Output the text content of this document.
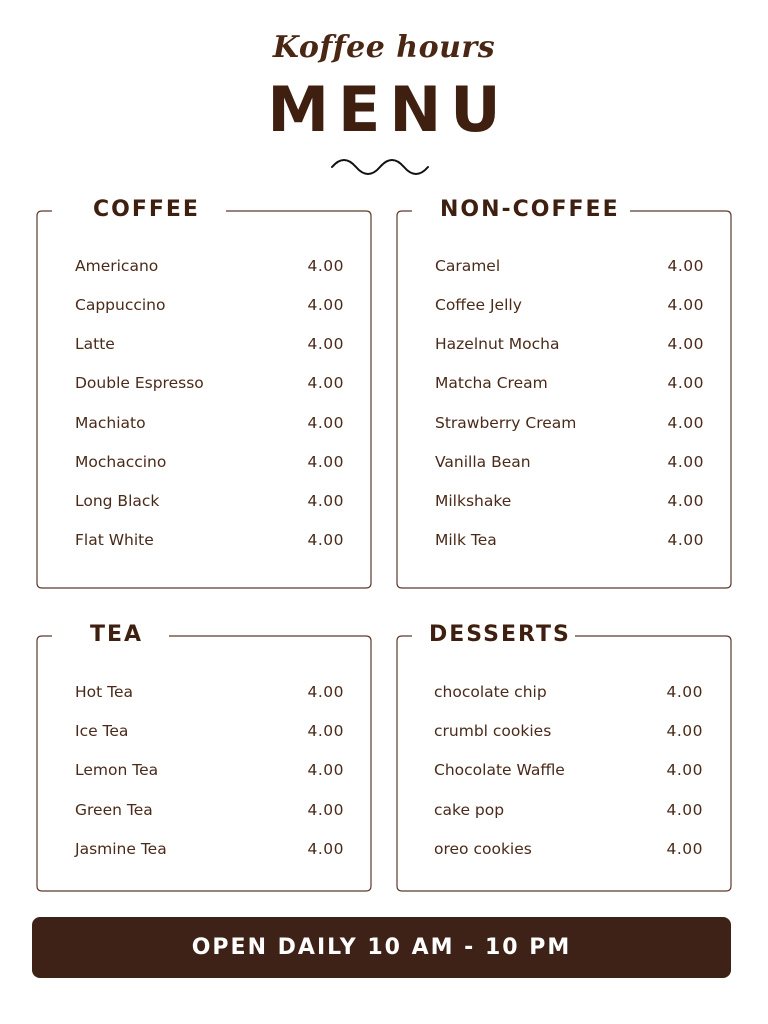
Koffee hours
MENU
COFFEE
Americano	4.00
Cappuccino	4.00
Latte	4.00
Double Espresso	4.00
Machiato	4.00
Mochaccino	4.00
Long Black	4.00
Flat White	4.00
NON-COFFEE
Caramel	4.00
Coffee Jelly	4.00
Hazelnut Mocha	4.00
Matcha Cream	4.00
Strawberry Cream	4.00
Vanilla Bean	4.00
Milkshake	4.00
Milk Tea	4.00
TEA
Hot Tea	4.00
Ice Tea	4.00
Lemon Tea	4.00
Green Tea	4.00
Jasmine Tea	4.00
DESSERTS
chocolate chip	4.00
crumbl cookies	4.00
Chocolate Waffle	4.00
cake pop	4.00
oreo cookies	4.00
OPEN DAILY 10 AM - 10 PM
